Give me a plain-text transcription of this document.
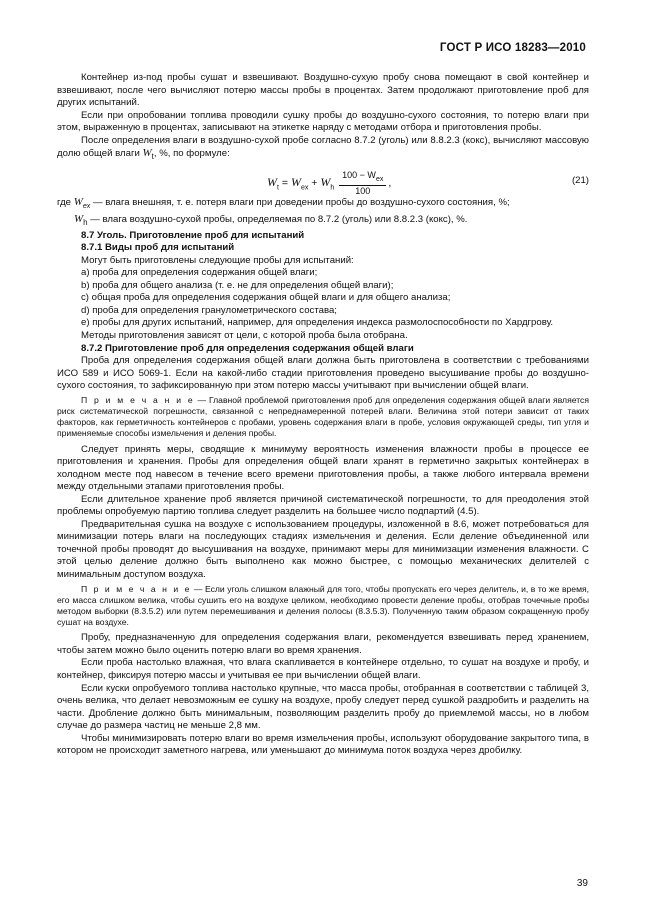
ГОСТ Р ИСО 18283—2010

Контейнер из-под пробы сушат и взвешивают. Воздушно-сухую пробу снова помещают в свой контейнер и взвешивают, после чего вычисляют потерю массы пробы в процентах. Затем продолжают приготовление проб для других испытаний.

Если при опробовании топлива проводили сушку пробы до воздушно-сухого состояния, то потерю влаги при этом, выраженную в процентах, записывают на этикетке наряду с методами отбора и приготовления пробы.

После определения влаги в воздушно-сухой пробе согласно 8.7.2 (уголь) или 8.8.2.3 (кокс), вычисляют массовую долю общей влаги $W_t$, %, по формуле:

$W_t = W_{ex} + W_h \frac{100 - W_{ex}}{100}$ ,	(21)

где $W_{ex}$ — влага внешняя, т. е. потеря влаги при доведении пробы до воздушно-сухого состояния, %;

$W_h$ — влага воздушно-сухой пробы, определяемая по 8.7.2 (уголь) или 8.8.2.3 (кокс), %.

8.7 Уголь. Приготовление проб для испытаний

8.7.1 Виды проб для испытаний

Могут быть приготовлены следующие пробы для испытаний:

а) проба для определения содержания общей влаги;

b) проба для общего анализа (т. е. не для определения общей влаги);

с) общая проба для определения содержания общей влаги и для общего анализа;

d) проба для определения гранулометрического состава;

е) пробы для других испытаний, например, для определения индекса размолоспособности по Хардгрову.

Методы приготовления зависят от цели, с которой проба была отобрана.

8.7.2 Приготовление проб для определения содержания общей влаги

Проба для определения содержания общей влаги должна быть приготовлена в соответствии с требованиями ИСО 589 и ИСО 5069-1. Если на какой-либо стадии приготовления проведено высушивание пробы до воздушно-сухого состояния, то зафиксированную при этом потерю массы учитывают при вычислении общей влаги.

П р и м е ч а н и е — Главной проблемой приготовления проб для определения содержания общей влаги является риск систематической погрешности, связанной с непреднамеренной потерей влаги. Величина этой потери зависит от таких факторов, как герметичность контейнеров с пробами, уровень содержания влаги в пробе, условия окружающей среды, тип угля и применяемые способы измельчения и деления пробы.

Следует принять меры, сводящие к минимуму вероятность изменения влажности пробы в процессе ее приготовления и хранения. Пробы для определения общей влаги хранят в герметично закрытых контейнерах в холодном месте под навесом в течение всего времени приготовления пробы, а также любого интервала времени между отдельными этапами приготовления пробы.

Если длительное хранение проб является причиной систематической погрешности, то для преодоления этой проблемы опробуемую партию топлива следует разделить на большее число подпартий (4.5).

Предварительная сушка на воздухе с использованием процедуры, изложенной в 8.6, может потребоваться для минимизации потерь влаги на последующих стадиях измельчения и деления. Если деление объединенной или точечной пробы проводят до высушивания на воздухе, принимают меры для минимизации изменения влажности. С этой целью деление должно быть выполнено как можно быстрее, с помощью механических делителей с минимальным доступом воздуха.

П р и м е ч а н и е — Если уголь слишком влажный для того, чтобы пропускать его через делитель, и, в то же время, его масса слишком велика, чтобы сушить его на воздухе целиком, необходимо провести деление пробы, отобрав точечные пробы методом выборки (8.3.5.2) или путем перемешивания и деления полосы (8.3.5.3). Полученную таким образом сокращенную пробу сушат на воздухе.

Пробу, предназначенную для определения содержания влаги, рекомендуется взвешивать перед хранением, чтобы затем можно было оценить потерю влаги во время хранения.

Если проба настолько влажная, что влага скапливается в контейнере отдельно, то сушат на воздухе и пробу, и контейнер, фиксируя потерю массы и учитывая ее при вычислении общей влаги.

Если куски опробуемого топлива настолько крупные, что масса пробы, отобранная в соответствии с таблицей 3, очень велика, что делает невозможным ее сушку на воздухе, пробу следует перед сушкой раздробить и разделить на части. Дробление должно быть минимальным, позволяющим разделить пробу до приемлемой массы, но в любом случае до размера частиц не меньше 2,8 мм.

Чтобы минимизировать потерю влаги во время измельчения пробы, используют оборудование закрытого типа, в котором не происходит заметного нагрева, или уменьшают до минимума поток воздуха через дробилку.

39
